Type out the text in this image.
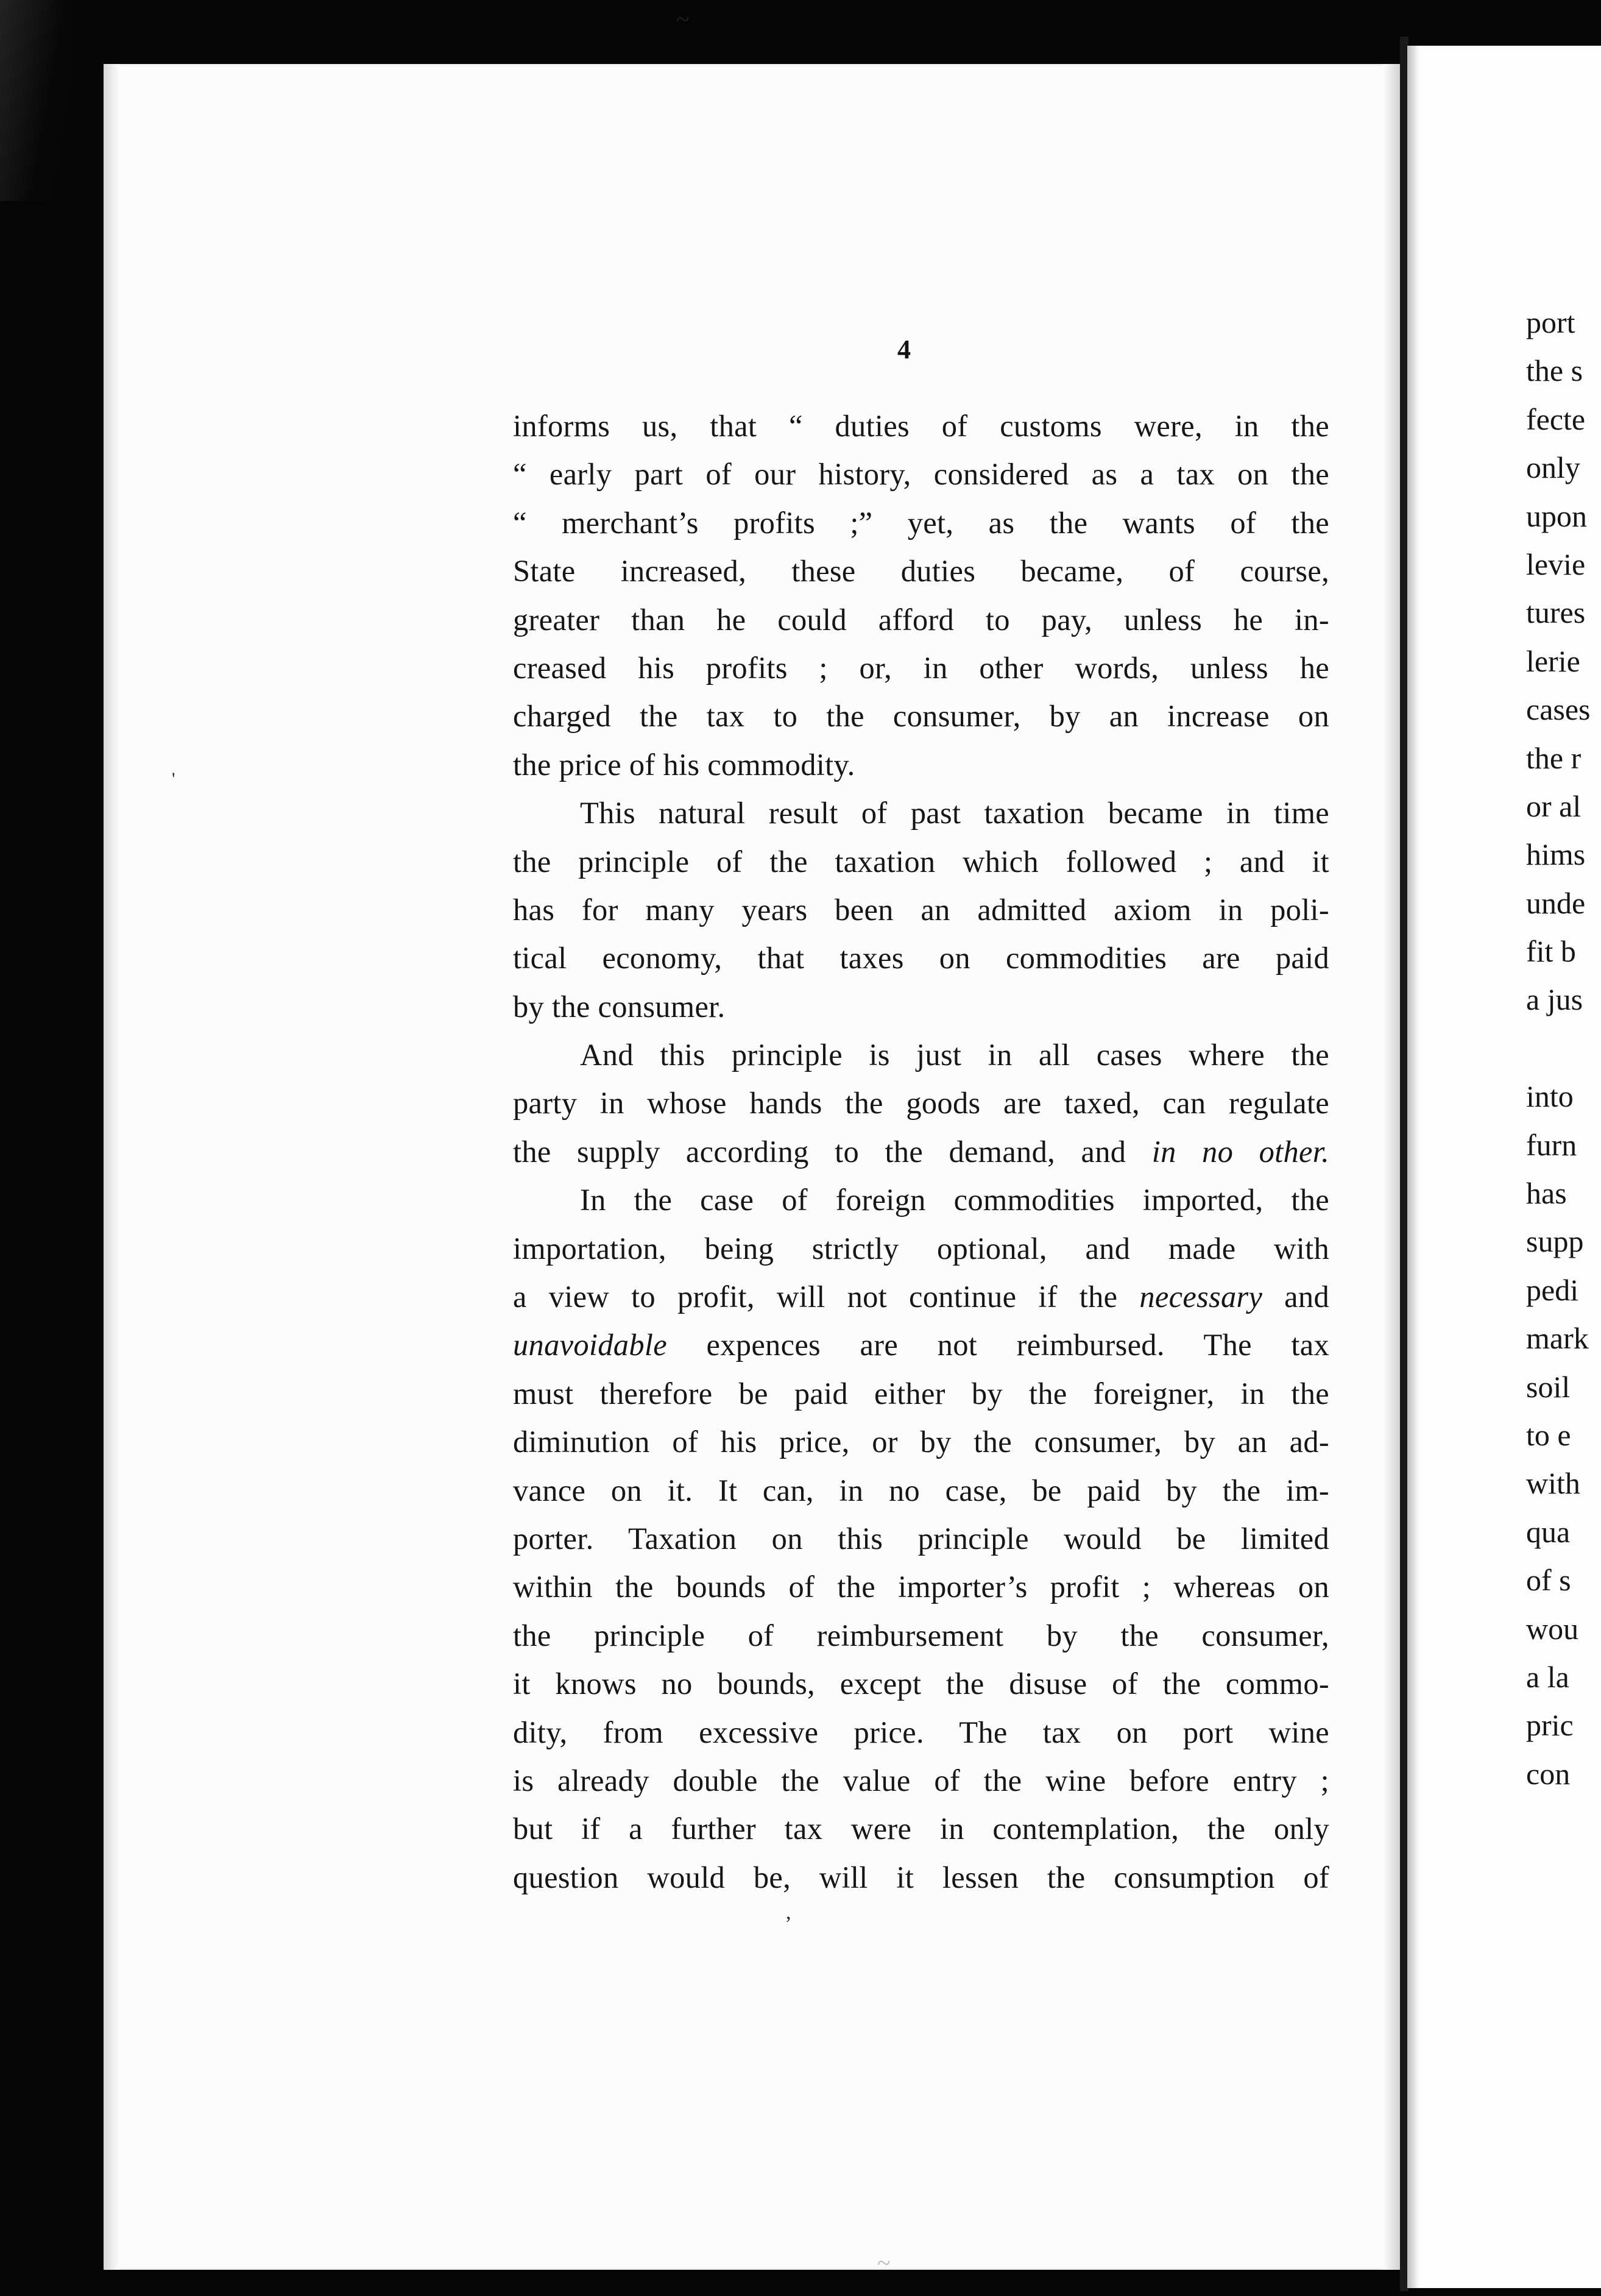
~
4
informs us, that “ duties of customs were, in the
“ early part of our history, considered as a tax on the
“ merchant’s profits ;” yet, as the wants of the
State increased, these duties became, of course,
greater than he could afford to pay, unless he in-
creased his profits ; or, in other words, unless he
charged the tax to the consumer, by an increase on
the price of his commodity.
This natural result of past taxation became in time
the principle of the taxation which followed ; and it
has for many years been an admitted axiom in poli-
tical economy, that taxes on commodities are paid
by the consumer.
And this principle is just in all cases where the
party in whose hands the goods are taxed, can regulate
the supply according to the demand, and in no other.
In the case of foreign commodities imported, the
importation, being strictly optional, and made with
a view to profit, will not continue if the necessary and
unavoidable expences are not reimbursed. The tax
must therefore be paid either by the foreigner, in the
diminution of his price, or by the consumer, by an ad-
vance on it. It can, in no case, be paid by the im-
porter. Taxation on this principle would be limited
within the bounds of the importer’s profit ; whereas on
the principle of reimbursement by the consumer,
it knows no bounds, except the disuse of the commo-
dity, from excessive price. The tax on port wine
is already double the value of the wine before entry ;
but if a further tax were in contemplation, the only
question would be, will it lessen the consumption of
port
the s
fecte
only
upon
levie
tures
lerie
cases
the r
or al
hims
unde
fit b
a jus
into
furn
has
supp
pedi
mark
soil
to e
with
qua
of s
wou
a la
pric
con
'
,
~
